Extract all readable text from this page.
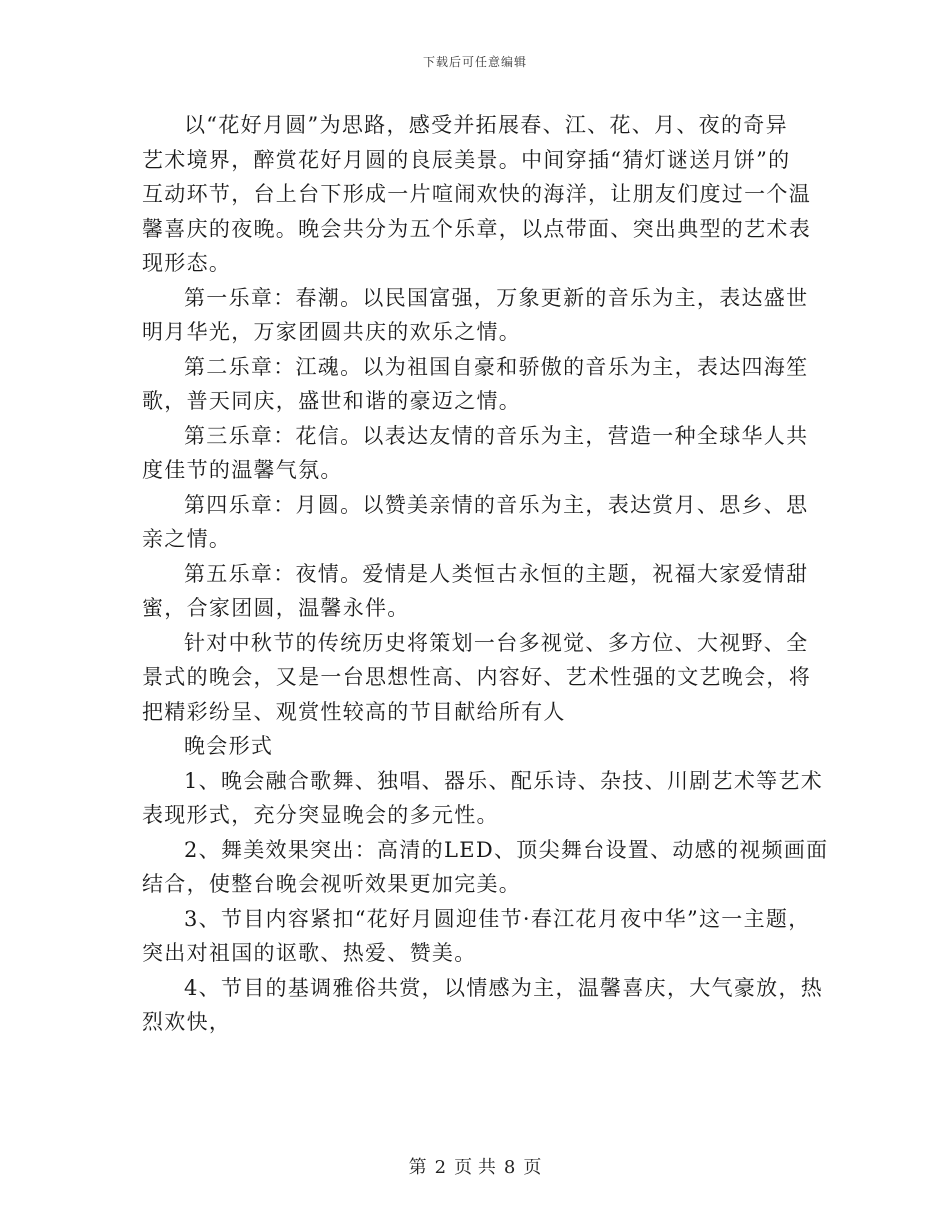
下载后可任意编辑

以“花好月圆”为思路，感受并拓展春、江、花、月、夜的奇异
艺术境界，醉赏花好月圆的良辰美景。中间穿插“猜灯谜送月饼”的
互动环节，台上台下形成一片喧闹欢快的海洋，让朋友们度过一个温
馨喜庆的夜晚。晚会共分为五个乐章，以点带面、突出典型的艺术表
现形态。

第一乐章：春潮。以民国富强，万象更新的音乐为主，表达盛世
明月华光，万家团圆共庆的欢乐之情。

第二乐章：江魂。以为祖国自豪和骄傲的音乐为主，表达四海笙
歌，普天同庆，盛世和谐的豪迈之情。

第三乐章：花信。以表达友情的音乐为主，营造一种全球华人共
度佳节的温馨气氛。

第四乐章：月圆。以赞美亲情的音乐为主，表达赏月、思乡、思
亲之情。

第五乐章：夜情。爱情是人类恒古永恒的主题，祝福大家爱情甜
蜜，合家团圆，温馨永伴。

针对中秋节的传统历史将策划一台多视觉、多方位、大视野、全
景式的晚会，又是一台思想性高、内容好、艺术性强的文艺晚会，将
把精彩纷呈、观赏性较高的节目献给所有人

晚会形式

1、晚会融合歌舞、独唱、器乐、配乐诗、杂技、川剧艺术等艺术
表现形式，充分突显晚会的多元性。

2、舞美效果突出：高清的LED、顶尖舞台设置、动感的视频画面
结合，使整台晚会视听效果更加完美。

3、节目内容紧扣“花好月圆迎佳节·春江花月夜中华”这一主题，
突出对祖国的讴歌、热爱、赞美。

4、节目的基调雅俗共赏，以情感为主，温馨喜庆，大气豪放，热
烈欢快，

第 2 页 共 8 页
